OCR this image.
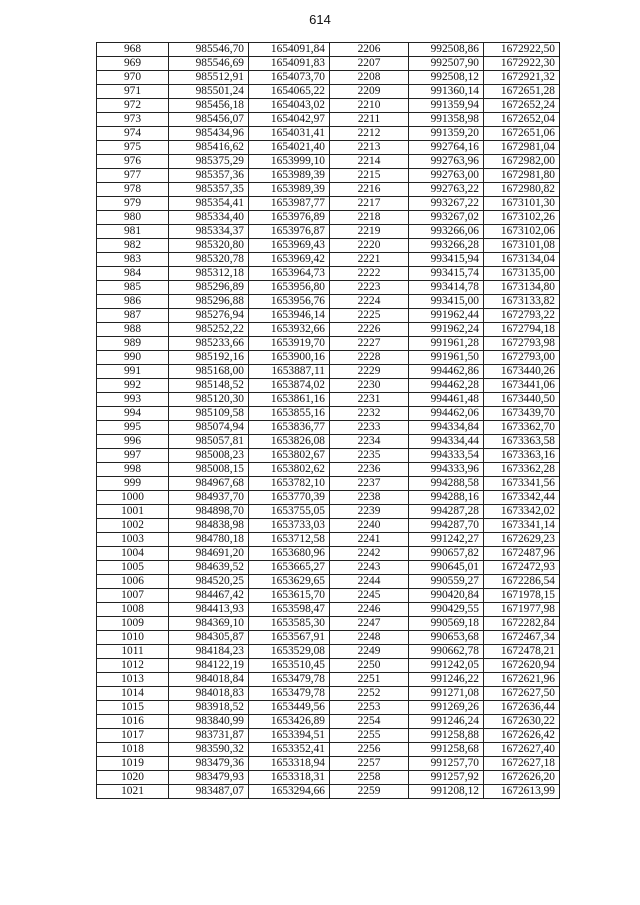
614
968	985546,70	1654091,84	2206	992508,86	1672922,50
969	985546,69	1654091,83	2207	992507,90	1672922,30
970	985512,91	1654073,70	2208	992508,12	1672921,32
971	985501,24	1654065,22	2209	991360,14	1672651,28
972	985456,18	1654043,02	2210	991359,94	1672652,24
973	985456,07	1654042,97	2211	991358,98	1672652,04
974	985434,96	1654031,41	2212	991359,20	1672651,06
975	985416,62	1654021,40	2213	992764,16	1672981,04
976	985375,29	1653999,10	2214	992763,96	1672982,00
977	985357,36	1653989,39	2215	992763,00	1672981,80
978	985357,35	1653989,39	2216	992763,22	1672980,82
979	985354,41	1653987,77	2217	993267,22	1673101,30
980	985334,40	1653976,89	2218	993267,02	1673102,26
981	985334,37	1653976,87	2219	993266,06	1673102,06
982	985320,80	1653969,43	2220	993266,28	1673101,08
983	985320,78	1653969,42	2221	993415,94	1673134,04
984	985312,18	1653964,73	2222	993415,74	1673135,00
985	985296,89	1653956,80	2223	993414,78	1673134,80
986	985296,88	1653956,76	2224	993415,00	1673133,82
987	985276,94	1653946,14	2225	991962,44	1672793,22
988	985252,22	1653932,66	2226	991962,24	1672794,18
989	985233,66	1653919,70	2227	991961,28	1672793,98
990	985192,16	1653900,16	2228	991961,50	1672793,00
991	985168,00	1653887,11	2229	994462,86	1673440,26
992	985148,52	1653874,02	2230	994462,28	1673441,06
993	985120,30	1653861,16	2231	994461,48	1673440,50
994	985109,58	1653855,16	2232	994462,06	1673439,70
995	985074,94	1653836,77	2233	994334,84	1673362,70
996	985057,81	1653826,08	2234	994334,44	1673363,58
997	985008,23	1653802,67	2235	994333,54	1673363,16
998	985008,15	1653802,62	2236	994333,96	1673362,28
999	984967,68	1653782,10	2237	994288,58	1673341,56
1000	984937,70	1653770,39	2238	994288,16	1673342,44
1001	984898,70	1653755,05	2239	994287,28	1673342,02
1002	984838,98	1653733,03	2240	994287,70	1673341,14
1003	984780,18	1653712,58	2241	991242,27	1672629,23
1004	984691,20	1653680,96	2242	990657,82	1672487,96
1005	984639,52	1653665,27	2243	990645,01	1672472,93
1006	984520,25	1653629,65	2244	990559,27	1672286,54
1007	984467,42	1653615,70	2245	990420,84	1671978,15
1008	984413,93	1653598,47	2246	990429,55	1671977,98
1009	984369,10	1653585,30	2247	990569,18	1672282,84
1010	984305,87	1653567,91	2248	990653,68	1672467,34
1011	984184,23	1653529,08	2249	990662,78	1672478,21
1012	984122,19	1653510,45	2250	991242,05	1672620,94
1013	984018,84	1653479,78	2251	991246,22	1672621,96
1014	984018,83	1653479,78	2252	991271,08	1672627,50
1015	983918,52	1653449,56	2253	991269,26	1672636,44
1016	983840,99	1653426,89	2254	991246,24	1672630,22
1017	983731,87	1653394,51	2255	991258,88	1672626,42
1018	983590,32	1653352,41	2256	991258,68	1672627,40
1019	983479,36	1653318,94	2257	991257,70	1672627,18
1020	983479,93	1653318,31	2258	991257,92	1672626,20
1021	983487,07	1653294,66	2259	991208,12	1672613,99
